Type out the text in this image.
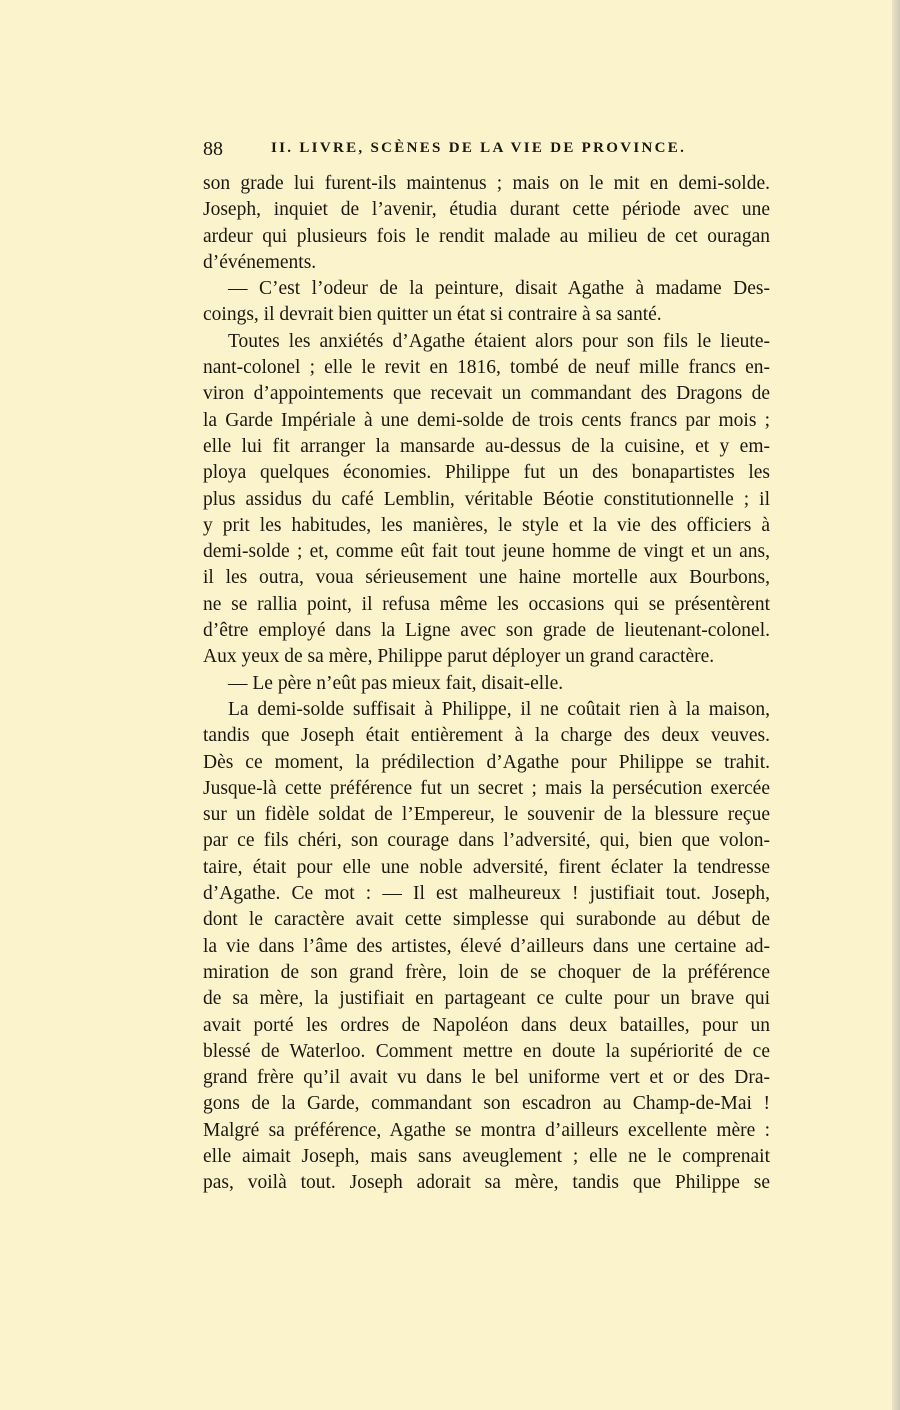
88	II. LIVRE, SCÈNES DE LA VIE DE PROVINCE.
son grade lui furent-ils maintenus ; mais on le mit en demi-solde.
Joseph, inquiet de l’avenir, étudia durant cette période avec une
ardeur qui plusieurs fois le rendit malade au milieu de cet ouragan
d’événements.
— C’est l’odeur de la peinture, disait Agathe à madame Des-
coings, il devrait bien quitter un état si contraire à sa santé.
Toutes les anxiétés d’Agathe étaient alors pour son fils le lieute-
nant-colonel ; elle le revit en 1816, tombé de neuf mille francs en-
viron d’appointements que recevait un commandant des Dragons de
la Garde Impériale à une demi-solde de trois cents francs par mois ;
elle lui fit arranger la mansarde au-dessus de la cuisine, et y em-
ploya quelques économies. Philippe fut un des bonapartistes les
plus assidus du café Lemblin, véritable Béotie constitutionnelle ; il
y prit les habitudes, les manières, le style et la vie des officiers à
demi-solde ; et, comme eût fait tout jeune homme de vingt et un ans,
il les outra, voua sérieusement une haine mortelle aux Bourbons,
ne se rallia point, il refusa même les occasions qui se présentèrent
d’être employé dans la Ligne avec son grade de lieutenant-colonel.
Aux yeux de sa mère, Philippe parut déployer un grand caractère.
— Le père n’eût pas mieux fait, disait-elle.
La demi-solde suffisait à Philippe, il ne coûtait rien à la maison,
tandis que Joseph était entièrement à la charge des deux veuves.
Dès ce moment, la prédilection d’Agathe pour Philippe se trahit.
Jusque-là cette préférence fut un secret ; mais la persécution exercée
sur un fidèle soldat de l’Empereur, le souvenir de la blessure reçue
par ce fils chéri, son courage dans l’adversité, qui, bien que volon-
taire, était pour elle une noble adversité, firent éclater la tendresse
d’Agathe. Ce mot : — Il est malheureux ! justifiait tout. Joseph,
dont le caractère avait cette simplesse qui surabonde au début de
la vie dans l’âme des artistes, élevé d’ailleurs dans une certaine ad-
miration de son grand frère, loin de se choquer de la préférence
de sa mère, la justifiait en partageant ce culte pour un brave qui
avait porté les ordres de Napoléon dans deux batailles, pour un
blessé de Waterloo. Comment mettre en doute la supériorité de ce
grand frère qu’il avait vu dans le bel uniforme vert et or des Dra-
gons de la Garde, commandant son escadron au Champ-de-Mai !
Malgré sa préférence, Agathe se montra d’ailleurs excellente mère :
elle aimait Joseph, mais sans aveuglement ; elle ne le comprenait
pas, voilà tout. Joseph adorait sa mère, tandis que Philippe se
